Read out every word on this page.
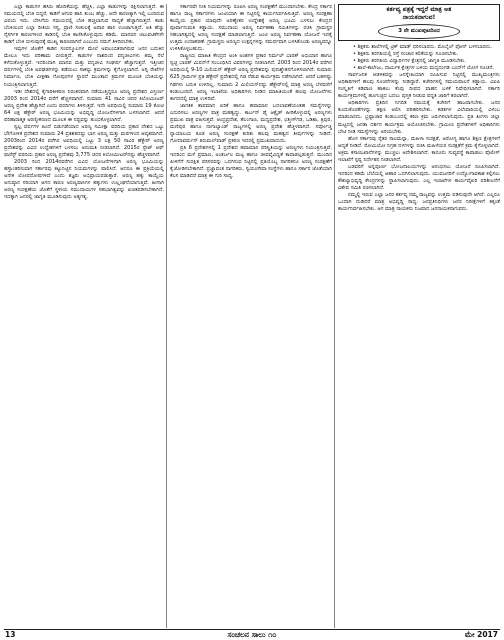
ಎಲ್ಲಾ ಕಾಡುಗಳ ಹಸಿರು ಹೊದಿಕೆಯನ್ನು ಹೆಚ್ಚಿಸಿ, ಎಲ್ಲಾ ಕಾಡುಗಳನ್ನು ರಕ್ಷಿಸಲಾಗುತ್ತದೆ. ಈ ಸಮಯದಲ್ಲಿ ಬೆಂಕಿ ಬಿದ್ದರೆ, ಕಾಡಿಗೆ ಆಗುವ ಹಾನಿ ತುಂಬ ಹೆಚ್ಚು. ಅದೇ ಕಾರಣಕ್ಕಾಗಿ ಇಲ್ಲಿ ಬಂದಿರುವ ವಿಷಯ ಇದು. ಬೇಸಿಗೆಯ ಸಮಯದಲ್ಲಿ ಬೆಂಕಿ ಹಚ್ಚಲಾಗುವ ಸಾಧ್ಯತೆ ಹೆಚ್ಚಾಗಿರುತ್ತದೆ. ಕಾಡು ಬೆಂಕಿಯಿಂದ ಎಲ್ಲಾ ರೀತಿಯ ಸಸ್ಯ, ಪ್ರಾಣಿ ಸಂಕುಲಕ್ಕೆ ಅಪಾರ ಹಾನಿ ಉಂಟಾಗುತ್ತದೆ. ಅತಿ ಹೆಚ್ಚು ನೈಸರ್ಗಿಕ ಕಾರಣಗಳಿಂದ ಕಾಡಿನಲ್ಲಿ ಬೆಂಕಿ ಕಾಣಿಸಿಕೊಳ್ಳುವುದು ಕಡಿಮೆ. ಮಾನವನ ಚಟುವಟಿಕೆಗಳೇ ಕಾಡಿಗೆ ಬೆಂಕಿ ಬೀಳುವುದಕ್ಕೆ ಮುಖ್ಯ ಕಾರಣವಾಗಿದೆ ಎಂಬುದು ನಮಗೆ ತಿಳಿದಿರಬೇಕು.

ಇವುಗಳ ಜೊತೆಗೆ ಕಾಡಿನ ಸಂಪನ್ಮೂಲಗಳ ಮೇಲೆ ಅವಲಂಬಿತರಾಗಿರುವ ಜನರ ಬದುಕಿನ ಮೇಲೂ ಇದು ಪರಿಣಾಮ ಬೀರುತ್ತದೆ. ಕಾಡುಗಳ ನಾಶದಿಂದ ವನ್ಯಜೀವಿಗಳು ತಮ್ಮ ನೆಲೆ ಕಳೆದುಕೊಳ್ಳುತ್ತವೆ. ಇದರಿಂದಾಗಿ ಮಾನವ ಮತ್ತು ವನ್ಯಜೀವಿ ಸಂಘರ್ಷ ಹೆಚ್ಚಾಗುತ್ತದೆ. ಇತ್ತೀಚಿನ ವರ್ಷಗಳಲ್ಲಿ ಬೆಂಕಿ ಅವಘಡಗಳನ್ನು ತಡೆಯಲು ಸಾಕಷ್ಟು ಕ್ರಮಗಳನ್ನು ಕೈಗೊಳ್ಳಲಾಗಿದೆ. ಅಗ್ನಿ ರೇಖೆಗಳ ನಿರ್ಮಾಣ, ಬೆಂಕಿ ವೀಕ್ಷಣಾ ಗೋಪುರಗಳ ಸ್ಥಾಪನೆ ಮುಂತಾದ ಕ್ರಮಗಳ ಮೂಲಕ ಬೆಂಕಿಯನ್ನು ನಿಯಂತ್ರಿಸಲಾಗುತ್ತಿದೆ.

ಇಡೀ ದೇಶದಲ್ಲಿ ಕೈಗಾರಿಕೀಕರಣ ನಿರಂತರವಾಗಿ ನಡೆಯುತ್ತಿದ್ದರೂ ಅರಣ್ಯ ಪ್ರದೇಶದ ವಿಸ್ತೀರ್ಣ 2003 ರಿಂದ 2014ರ ವರೆಗೆ ಹೆಚ್ಚಳವಾಗಿದೆ. ಸುಮಾರು 41 ಸಾವಿರ ಚದರ ಕಿಲೋಮೀಟರ್ ಅರಣ್ಯ ಪ್ರದೇಶ ಹೆಚ್ಚಾಗಿದೆ ಎಂದು ವರದಿಗಳು ತಿಳಿಸುತ್ತವೆ. ಇದೇ ಅವಧಿಯಲ್ಲಿ ಸುಮಾರು 19 ಕೋಟಿ 64 ಲಕ್ಷ ಹೆಕ್ಟೇರ್ ಅರಣ್ಯ ಭೂಮಿಯನ್ನು ಅಭಿವೃದ್ಧಿ ಯೋಜನೆಗಳಿಗಾಗಿ ಬಳಸಲಾಗಿದೆ. ಆದರೆ ಪರಿಹಾರಾತ್ಮಕ ಅರಣ್ಯೀಕರಣದ ಮೂಲಕ ಈ ನಷ್ಟವನ್ನು ತುಂಬಿಕೊಳ್ಳಲಾಗಿದೆ.

ಸ್ವಲ್ಪ ವರ್ಷಗಳ ಹಿಂದೆ ಬಿಡುಗಡೆಯಾದ ಅರಣ್ಯ ಸಮೀಕ್ಷಾ ವರದಿಯ ಪ್ರಕಾರ ದೇಶದ ಒಟ್ಟು ಭೌಗೋಳಿಕ ಪ್ರದೇಶದ ಸುಮಾರು 24 ಪ್ರತಿಶತದಷ್ಟು ಭಾಗ ಅರಣ್ಯ ಮತ್ತು ಮರಗಳಿಂದ ಆವೃತವಾಗಿದೆ. 2003ರಿಂದ 2014ರ ವರೆಗಿನ ಅವಧಿಯಲ್ಲಿ ಒಟ್ಟು 3 ಲಕ್ಷ 50 ಸಾವಿರ ಹೆಕ್ಟೇರ್ ಅರಣ್ಯ ಪ್ರದೇಶವನ್ನು ವಿವಿಧ ಉದ್ದೇಶಗಳಿಗೆ ಬಳಸಲು ಅನುಮತಿ ನೀಡಲಾಗಿದೆ. 2015ರ ಸ್ಟೇಟ್ ಆಫ್ ಫಾರೆಸ್ಟ್ ವರದಿಯ ಪ್ರಕಾರ ಅರಣ್ಯ ಪ್ರದೇಶವು 3,775 ಚದರ ಕಿಲೋಮೀಟರ್‌ನಷ್ಟು ಹೆಚ್ಚಳವಾಗಿದೆ.

2003 ರಿಂದ 2014ರವರೆಗಿನ ವಿವಿಧ ಯೋಜನೆಗಳಿಗಾಗಿ ಅರಣ್ಯ ಭೂಮಿಯನ್ನು ಹಸ್ತಾಂತರಿಸುವಾಗ ಸರ್ಕಾರವು ಕಟ್ಟುನಿಟ್ಟಿನ ನಿಯಮಗಳನ್ನು ಪಾಲಿಸಿದೆ. ಆದರೂ ಈ ಪ್ರಕ್ರಿಯೆಯಲ್ಲಿ ಅನೇಕ ಲೋಪದೋಷಗಳಿವೆ ಎಂದು ತಜ್ಞರು ಅಭಿಪ್ರಾಯಪಡುತ್ತಾರೆ. ಅರಣ್ಯ ಹಕ್ಕು ಕಾಯ್ದೆಯ ಅನುಷ್ಠಾನ ಸರಿಯಾಗಿ ಆಗದ ಕಾರಣ ಅರಣ್ಯವಾಸಿಗಳ ಹಕ್ಕುಗಳು ಉಲ್ಲಂಘನೆಯಾಗುತ್ತಿವೆ. ಹೀಗಾಗಿ ಅರಣ್ಯ ಸಂರಕ್ಷಣೆಯ ಜೊತೆಗೆ ಸ್ಥಳೀಯ ಸಮುದಾಯಗಳ ಸಹಭಾಗಿತ್ವವನ್ನು ಖಚಿತಪಡಿಸಬೇಕಾಗಿದೆ. ಇದಕ್ಕಾಗಿ ಜನರಲ್ಲಿ ಜಾಗೃತಿ ಮೂಡಿಸುವುದು ಅತ್ಯಗತ್ಯ.

ಸರ್ಕಾರವೇ ನೀತಿ ನಿಯಮಗಳನ್ನು ರೂಪಿಸಿ ಅರಣ್ಯ ಸಂರಕ್ಷಣೆಗೆ ಮುಂದಾಗಬೇಕು. ಕೇಂದ್ರ ಸರ್ಕಾರ ಹಾಗೂ ರಾಜ್ಯ ಸರ್ಕಾರಗಳು ಜಂಟಿಯಾಗಿ ಈ ನಿಟ್ಟಿನಲ್ಲಿ ಕಾರ್ಯನಿರ್ವಹಿಸುತ್ತಿವೆ. ಅರಣ್ಯ ಸಂರಕ್ಷಣಾ ಕಾಯ್ದೆಯ ಪ್ರಕಾರ ಯಾವುದೇ ಅರಣ್ಯೇತರ ಉದ್ದೇಶಕ್ಕೆ ಅರಣ್ಯ ಭೂಮಿ ಬಳಸಲು ಕೇಂದ್ರದ ಪೂರ್ವಾನುಮತಿ ಕಡ್ಡಾಯ. ಸಮುದಾಯ ಅರಣ್ಯ ನಿರ್ವಹಣಾ ಸಮಿತಿಗಳನ್ನು ರಚಿಸಿ ಗ್ರಾಮಸ್ಥರ ಸಹಭಾಗಿತ್ವದಲ್ಲಿ ಅರಣ್ಯ ಸಂರಕ್ಷಣೆ ಮಾಡಲಾಗುತ್ತಿದೆ. ಜಂಟಿ ಅರಣ್ಯ ನಿರ್ವಹಣಾ ಯೋಜನೆ ಇದಕ್ಕೆ ಉತ್ತಮ ಉದಾಹರಣೆ. ಗ್ರಾಮಸ್ಥರು ಅರಣ್ಯದ ಉತ್ಪನ್ನಗಳನ್ನು ಸಮರ್ಥವಾಗಿ ಬಳಸಿಕೊಂಡು ಅರಣ್ಯವನ್ನೂ ಉಳಿಸಿಕೊಳ್ಳಬಹುದು.

ರಾಷ್ಟ್ರೀಯ ಮಾಹಿತಿ ಕೇಂದ್ರದ ಅಂಕಿ ಅಂಶಗಳ ಪ್ರಕಾರ ನಿರ್ಮಲ್ ಭಾರತ್ ಅಭಿಯಾನ ಹಾಗೂ ಸ್ವಚ್ಛ ಭಾರತ್ ಮಿಷನ್‌ಗೆ ಸಂಬಂಧಿಸಿದ ವಿವರಗಳನ್ನು ನೀಡಲಾಗಿದೆ. 2003 ರಿಂದ 2014ರ ವರೆಗಿನ ಅವಧಿಯಲ್ಲಿ 9-10 ಮಿಲಿಯನ್ ಹೆಕ್ಟೇರ್ ಅರಣ್ಯ ಪ್ರದೇಶವನ್ನು ಪುನಃಶ್ಚೇತನಗೊಳಿಸಲಾಗಿದೆ. ಸುಮಾರು 625 ಗ್ರಾಮಗಳ ಪ್ರತಿ ಹೆಕ್ಟೇರ್ ಪ್ರದೇಶದಲ್ಲಿ ಗಿಡ ನೆಡುವ ಕಾರ್ಯಕ್ರಮ ನಡೆಸಲಾಗಿದೆ. ಆದರೆ ಬಹಳಷ್ಟು ಗಿಡಗಳು ಬದುಕಿ ಉಳಿದಿಲ್ಲ. ಸುಮಾರು 2 ಮಿಲಿಯನ್‌ನಷ್ಟು ಹೆಕ್ಟೇರ್‌ನಲ್ಲಿ ಮಾತ್ರ ಅರಣ್ಯ ಬೆಳವಣಿಗೆ ಕಂಡುಬಂದಿದೆ. ಅರಣ್ಯ ಇಲಾಖೆಯ ಅಧಿಕಾರಿಗಳು ನೀಡಿದ ಮಾಹಿತಿಯಂತೆ ಹಲವು ಯೋಜನೆಗಳು ಕಾಗದದಲ್ಲಿ ಮಾತ್ರ ಉಳಿದಿವೆ.

ಜಾಗತಿಕ ತಾಪಮಾನ ಏರಿಕೆ ಹಾಗೂ ಹವಾಮಾನ ಬದಲಾವಣೆಯಂತಹ ಸಮಸ್ಯೆಗಳನ್ನು ಎದುರಿಸಲು ಅರಣ್ಯಗಳ ಪಾತ್ರ ಮಹತ್ವದ್ದು. ಕಾರ್ಬನ್ ಡೈ ಆಕ್ಸೈಡ್ ಹೀರಿಕೊಳ್ಳುವಲ್ಲಿ ಅರಣ್ಯಗಳು ಪ್ರಮುಖ ಪಾತ್ರ ವಹಿಸುತ್ತವೆ. ಆಂಧ್ರಪ್ರದೇಶ, ತೆಲಂಗಾಣ, ಮಧ್ಯಪ್ರದೇಶ, ಛತ್ತೀಸ್‌ಗಢ, ಒಡಿಶಾ, ತ್ರಿಪುರ, ಮಣಿಪುರ ಹಾಗೂ ನಾಗಾಲ್ಯಾಂಡ್ ರಾಜ್ಯಗಳಲ್ಲಿ ಅರಣ್ಯ ಪ್ರದೇಶ ಹೆಚ್ಚಳವಾಗಿದೆ. ಸರ್ವೋಚ್ಚ ನ್ಯಾಯಾಲಯ ಕೂಡ ಅರಣ್ಯ ಸಂರಕ್ಷಣೆ ಕುರಿತು ಹಲವು ಮಹತ್ವದ ತೀರ್ಪುಗಳನ್ನು ನೀಡಿದೆ. ಗೋದಾವರ್ಮನ್ ತಿರುಮಲ್‌ಪಾಡ್ ಪ್ರಕರಣ ಇದರಲ್ಲಿ ಪ್ರಮುಖವಾದುದು.

ಪ್ರತಿ 6 ಪ್ರದೇಶಗಳಲ್ಲಿ 1 ಪ್ರದೇಶದ ಹವಾಮಾನ ಪರಿಸ್ಥಿತಿಯನ್ನು ಅರಣ್ಯಗಳು ನಿಯಂತ್ರಿಸುತ್ತವೆ. ಇದರಿಂದ ಮಳೆ ಪ್ರಮಾಣ, ಅಂತರ್ಜಲ ಮಟ್ಟ ಹಾಗೂ ಜೀವವೈವಿಧ್ಯತೆ ಕಾಪಾಡಲ್ಪಡುತ್ತದೆ. ಮುಂದಿನ ಪೀಳಿಗೆಗೆ ಸುರಕ್ಷಿತ ಪರಿಸರವನ್ನು ಒದಗಿಸುವ ನಿಟ್ಟಿನಲ್ಲಿ ಪ್ರತಿಯೊಬ್ಬ ನಾಗರಿಕನೂ ಅರಣ್ಯ ಸಂರಕ್ಷಣೆಗೆ ಕೈಜೋಡಿಸಬೇಕಾಗಿದೆ. ಪ್ರಜ್ಞಾವಂತ ನಾಗರಿಕರು, ಸ್ವಯಂಸೇವಾ ಸಂಸ್ಥೆಗಳು ಹಾಗೂ ಸರ್ಕಾರ ಜೊತೆಯಾಗಿ ಕೆಲಸ ಮಾಡಿದರೆ ಮಾತ್ರ ಈ ಗುರಿ ಸಾಧ್ಯ.

ಕರ್ತವ್ಯ ಪತ್ರಕ್ಕೆ ಇದ್ದರೆ ಮಾತ್ರ ಅತ
ನಾಯಕನಾಗುವ!
3 ನೇ ಮುಖಪುಟದಿಂದ

• ಶಿಕ್ಷಕರು ಶಾಲೆಗಳಲ್ಲಿ ಟ್ರಿಕ್ ಮಾಡ್ ಧರಿಸಬಾರದು. ಮೊಬೈಲ್ ಫೋನ್ ಬಳಸಬಾರದು.

• ಶಿಕ್ಷಕರು ತರಗತಿಯಲ್ಲಿ ರಸ್ತೆ ಸಂಚಾರ ಕಲಿಕೆಯನ್ನು ಸೂಚಿಸಬೇಕು.

• ಶಿಕ್ಷಕರು ತರಗತಿಯ ವಿದ್ಯಾರ್ಥಿಗಳ ಕ್ಷೇತ್ರದಲ್ಲಿ ಜಾಗೃತಿ ಮೂಡಿಸಬೇಕು.

• ಶಾಲೆ-ಕಾಲೇಜು, ಧಾರ್ಮಿಕ ಕ್ಷೇತ್ರಗಳ ಬಳಿಯ ಮದ್ಯದಂಗಡಿ ಬಂದ್‌ಗೆ ಯೋಗ ಸೂಚನೆ.

ಸಾರ್ವಜನಿಕ ಆಡಳಿತವನ್ನು ಜನಸ್ನೇಹಿಯಾಗಿ ರೂಪಿಸುವ ನಿಟ್ಟಿನಲ್ಲಿ ಮುಖ್ಯಮಂತ್ರಿಗಳು ಅಧಿಕಾರಿಗಳಿಗೆ ಹಲವು ಸೂಚನೆಗಳನ್ನು ನೀಡಿದ್ದಾರೆ. ಕಚೇರಿಗಳಲ್ಲಿ ಸಮಯಪಾಲನೆ ಕಡ್ಡಾಯ. ವಿಐಪಿ ಸಂಸ್ಕೃತಿಗೆ ಕಡಿವಾಣ ಹಾಕಲು ಕೆಂಪು ದೀಪದ ವಾಹನ ಬಳಕೆ ನಿಷೇಧಿಸಲಾಗಿದೆ. ಸರ್ಕಾರಿ ಕಾರ್ಯಕ್ರಮಗಳಲ್ಲಿ ಹೂಗುಚ್ಛದ ಬದಲು ಪುಸ್ತಕ ನೀಡುವ ಪದ್ಧತಿ ಜಾರಿಗೆ ತರಲಾಗಿದೆ.

ಅಧಿಕಾರಿಗಳು ಪ್ರತಿದಿನ ನಿಗದಿತ ಸಮಯಕ್ಕೆ ಕಚೇರಿಗೆ ಹಾಜರಾಗಬೇಕು. ಜನರ ಕುಂದುಕೊರತೆಗಳನ್ನು ತಕ್ಷಣ ಆಲಿಸಿ ಪರಿಹರಿಸಬೇಕು. ಕಡತಗಳ ವಿಲೇವಾರಿಯಲ್ಲಿ ವಿಳಂಬ ಮಾಡಬಾರದು. ಭ್ರಷ್ಟಾಚಾರ ಕಂಡುಬಂದಲ್ಲಿ ಕಠಿಣ ಕ್ರಮ ಜರುಗಿಸಲಾಗುವುದು. ಪ್ರತಿ ತಿಂಗಳು ಜಿಲ್ಲಾ ಮಟ್ಟದಲ್ಲಿ ಜನತಾ ದರ್ಶನ ಕಾರ್ಯಕ್ರಮ ಆಯೋಜಿಸಬೇಕು. ಗ್ರಾಮೀಣ ಪ್ರದೇಶಗಳಿಗೆ ಅಧಿಕಾರಿಗಳು ಭೇಟಿ ನೀಡಿ ಸಮಸ್ಯೆಗಳನ್ನು ಅರಿಯಬೇಕು.

ಹೊಸ ಸರ್ಕಾರವು ರೈತರ ಸಾಲಮನ್ನಾ, ಮಹಿಳಾ ಸುರಕ್ಷತೆ, ಆರೋಗ್ಯ ಹಾಗೂ ಶಿಕ್ಷಣ ಕ್ಷೇತ್ರಗಳಿಗೆ ಆದ್ಯತೆ ನೀಡಿದೆ. ರೋಮಿಯೋ ನಿಗ್ರಹ ದಳಗಳನ್ನು ರಚಿಸಿ ಮಹಿಳೆಯರ ಸುರಕ್ಷತೆಗೆ ಕ್ರಮ ಕೈಗೊಳ್ಳಲಾಗಿದೆ. ಅಕ್ರಮ ಕಸಾಯಿಖಾನೆಗಳನ್ನು ಮುಚ್ಚಲು ಆದೇಶಿಸಲಾಗಿದೆ. ಕಾನೂನು ಸುವ್ಯವಸ್ಥೆ ಕಾಪಾಡಲು ಪೊಲೀಸ್ ಇಲಾಖೆಗೆ ಸ್ಪಷ್ಟ ನಿರ್ದೇಶನ ನೀಡಲಾಗಿದೆ.

ಬಡವರಿಗೆ ಅನ್ನಪೂರ್ಣ ಭೋಜನಾಲಯಗಳನ್ನು ಆರಂಭಿಸಲು ಯೋಜನೆ ರೂಪಿಸಲಾಗಿದೆ. ಇದರಿಂದ ಕಡಿಮೆ ಬೆಲೆಯಲ್ಲಿ ಆಹಾರ ಒದಗಿಸಲಾಗುವುದು. ಯುವಜನರಿಗೆ ಉದ್ಯೋಗಾವಕಾಶ ಕಲ್ಪಿಸಲು ಕೌಶಲ್ಯಾಭಿವೃದ್ಧಿ ಕೇಂದ್ರಗಳನ್ನು ಸ್ಥಾಪಿಸಲಾಗುವುದು. ಎಲ್ಲ ಇಲಾಖೆಗಳ ಕಾರ್ಯವೈಖರಿ ಪರಿಶೀಲನೆಗೆ ವಿಶೇಷ ಸಮಿತಿ ರಚಿಸಲಾಗಿದೆ.

ನಮ್ಮಲ್ಲಿ ಇರುವ ಎಲ್ಲಾ ಜನರ ಕರ್ತವ್ಯ ನಮ್ಮ ರಾಜ್ಯವನ್ನು ಉತ್ತಮ ಪಡಿಸುವುದೇ ಆಗಿದೆ. ಎಲ್ಲರೂ ಒಂದಾಗಿ ದುಡಿದರೆ ಮಾತ್ರ ಅಭಿವೃದ್ಧಿ ಸಾಧ್ಯ. ಜನಪ್ರತಿನಿಧಿಗಳು ಜನರ ನಿರೀಕ್ಷೆಗಳಿಗೆ ತಕ್ಕಂತೆ ಕಾರ್ಯನಿರ್ವಹಿಸಬೇಕು. ಆಗ ಮಾತ್ರ ನಾಯಕನು ನಿಜವಾದ ಜನನಾಯಕನಾಗುವನು.

13	ಸಂಚಲನ ಸಾಲು ೧೦	ಮೇ 2017
